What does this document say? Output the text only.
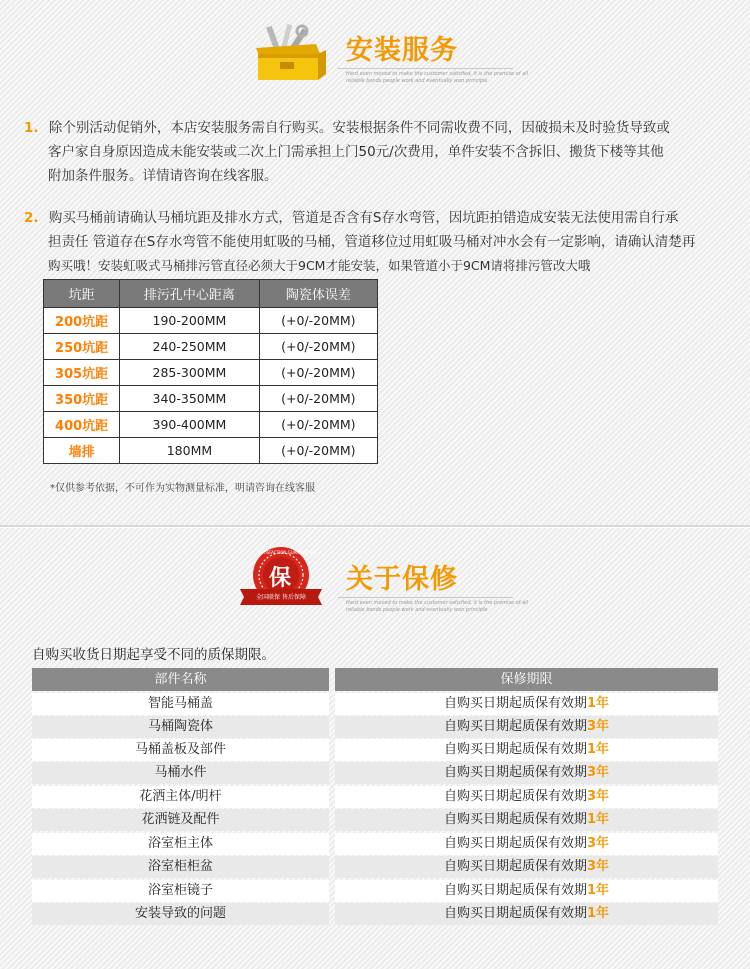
安装服务
Hard even moved to make the customer satisfied, it is the premise of all reliable bonds people work and eventually won principle
1. 除个别活动促销外，本店安装服务需自行购买。安装根据条件不同需收费不同，因破损未及时验货导致或
客户家自身原因造成未能安装或二次上门需承担上门50元/次费用，单件安装不含拆旧、搬货下楼等其他
附加条件服务。详情请咨询在线客服。
2. 购买马桶前请确认马桶坑距及排水方式，管道是否含有S存水弯管，因坑距拍错造成安装无法使用需自行承
担责任 管道存在S存水弯管不能使用虹吸的马桶，管道移位过用虹吸马桶对冲水会有一定影响，请确认清楚再
购买哦！安装虹吸式马桶排污管直径必须大于9CM才能安装，如果管道小于9CM请将排污管改大哦
坑距	排污孔中心距离	陶瓷体误差
200坑距	190-200MM	(+0/-20MM)
250坑距	240-250MM	(+0/-20MM)
305坑距	285-300MM	(+0/-20MM)
350坑距	340-350MM	(+0/-20MM)
400坑距	390-400MM	(+0/-20MM)
墙排	180MM	(+0/-20MM)
*仅供参考依据，不可作为实物测量标准，明请咨询在线客服
保
SATISFACTION GUARANTEED
全国联保 售后保障
关于保修
Hard even moved to make the customer satisfied, it is the premise of all reliable bonds people work and eventually won principle
自购买收货日期起享受不同的质保期限。
部件名称	保修期限
智能马桶盖	自购买日期起质保有效期1年
马桶陶瓷体	自购买日期起质保有效期3年
马桶盖板及部件	自购买日期起质保有效期1年
马桶水件	自购买日期起质保有效期3年
花洒主体/明杆	自购买日期起质保有效期3年
花洒链及配件	自购买日期起质保有效期1年
浴室柜主体	自购买日期起质保有效期3年
浴室柜柜盆	自购买日期起质保有效期3年
浴室柜镜子	自购买日期起质保有效期1年
安装导致的问题	自购买日期起质保有效期1年
